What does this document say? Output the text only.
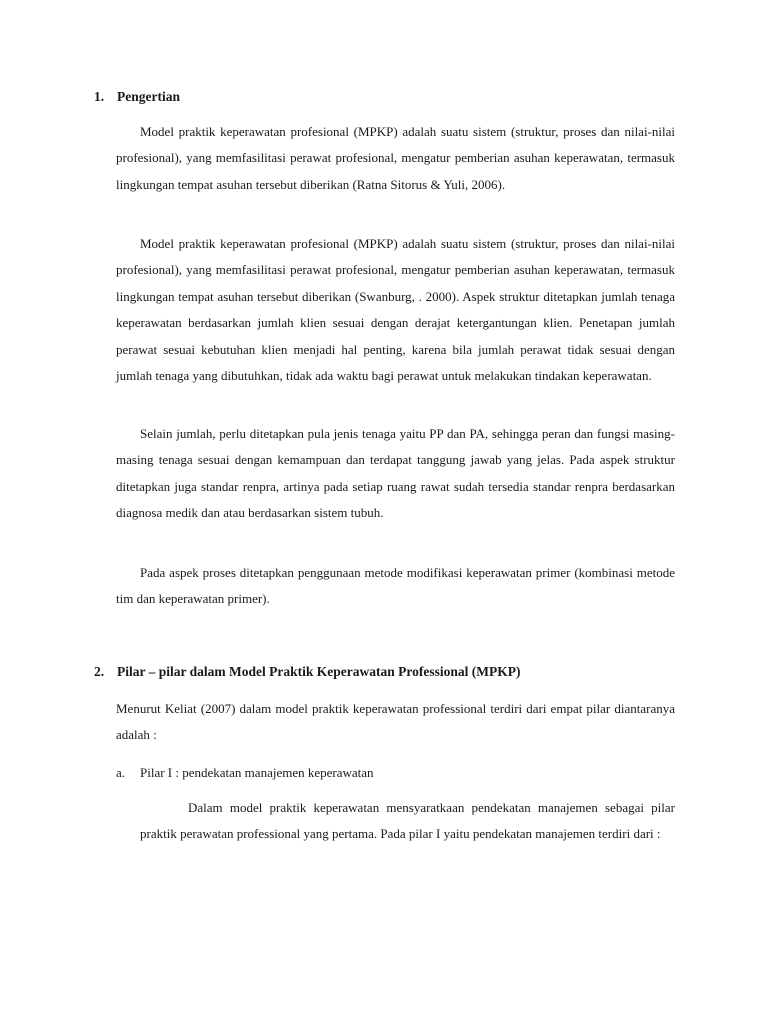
1. Pengertian

Model praktik keperawatan profesional (MPKP) adalah suatu sistem (struktur, proses dan nilai-nilai profesional), yang memfasilitasi perawat profesional, mengatur pemberian asuhan keperawatan, termasuk lingkungan tempat asuhan tersebut diberikan (Ratna Sitorus & Yuli, 2006).

Model praktik keperawatan profesional (MPKP) adalah suatu sistem (struktur, proses dan nilai-nilai profesional), yang memfasilitasi perawat profesional, mengatur pemberian asuhan keperawatan, termasuk lingkungan tempat asuhan tersebut diberikan (Swanburg, . 2000). Aspek struktur ditetapkan jumlah tenaga keperawatan berdasarkan jumlah klien sesuai dengan derajat ketergantungan klien. Penetapan jumlah perawat sesuai kebutuhan klien menjadi hal penting, karena bila jumlah perawat tidak sesuai dengan jumlah tenaga yang dibutuhkan, tidak ada waktu bagi perawat untuk melakukan tindakan keperawatan.

Selain jumlah, perlu ditetapkan pula jenis tenaga yaitu PP dan PA, sehingga peran dan fungsi masing-masing tenaga sesuai dengan kemampuan dan terdapat tanggung jawab yang jelas. Pada aspek struktur ditetapkan juga standar renpra, artinya pada setiap ruang rawat sudah tersedia standar renpra berdasarkan diagnosa medik dan atau berdasarkan sistem tubuh.

Pada aspek proses ditetapkan penggunaan metode modifikasi keperawatan primer (kombinasi metode tim dan keperawatan primer).

2. Pilar – pilar dalam Model Praktik Keperawatan Professional (MPKP)

Menurut Keliat (2007) dalam model praktik keperawatan professional terdiri dari empat pilar diantaranya adalah :

a. Pilar I : pendekatan manajemen keperawatan

Dalam model praktik keperawatan mensyaratkaan pendekatan manajemen sebagai pilar praktik perawatan professional yang pertama. Pada pilar I yaitu pendekatan manajemen terdiri dari :
